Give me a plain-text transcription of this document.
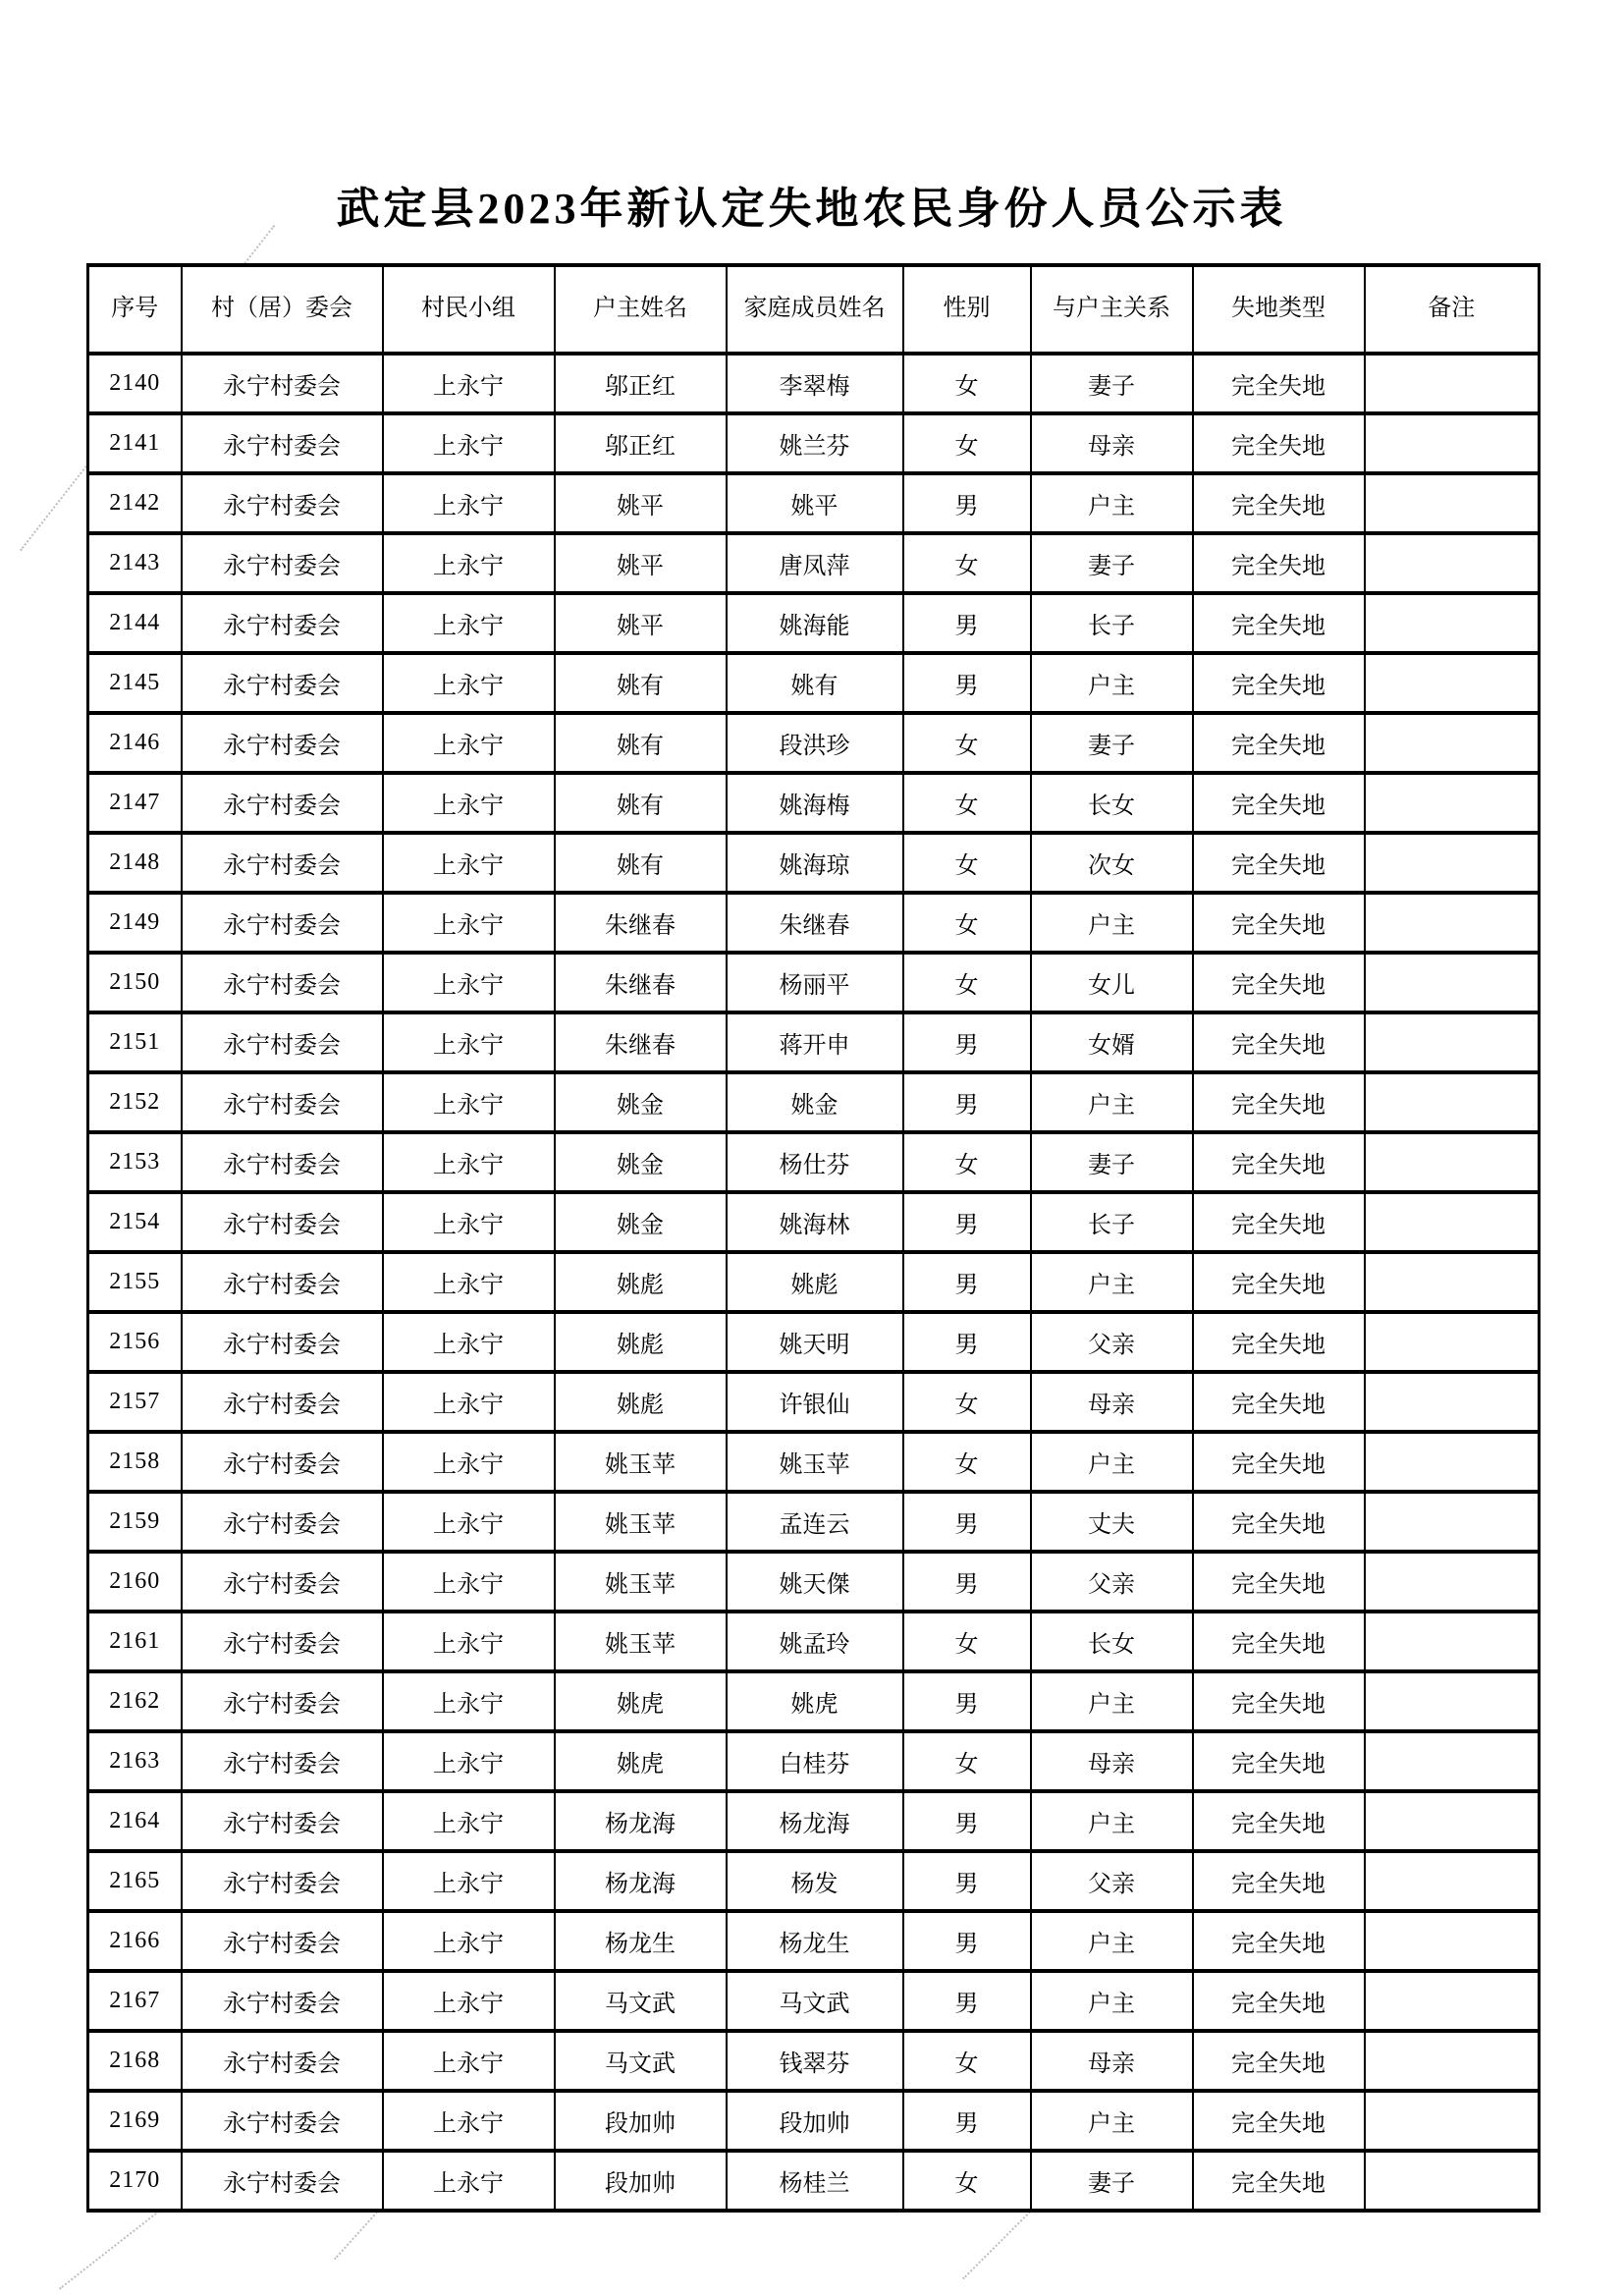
武定县2023年新认定失地农民身份人员公示表
序号	村（居）委会	村民小组	户主姓名	家庭成员姓名	性别	与户主关系	失地类型	备注
2140	永宁村委会	上永宁	邬正红	李翠梅	女	妻子	完全失地	
2141	永宁村委会	上永宁	邬正红	姚兰芬	女	母亲	完全失地	
2142	永宁村委会	上永宁	姚平	姚平	男	户主	完全失地	
2143	永宁村委会	上永宁	姚平	唐凤萍	女	妻子	完全失地	
2144	永宁村委会	上永宁	姚平	姚海能	男	长子	完全失地	
2145	永宁村委会	上永宁	姚有	姚有	男	户主	完全失地	
2146	永宁村委会	上永宁	姚有	段洪珍	女	妻子	完全失地	
2147	永宁村委会	上永宁	姚有	姚海梅	女	长女	完全失地	
2148	永宁村委会	上永宁	姚有	姚海琼	女	次女	完全失地	
2149	永宁村委会	上永宁	朱继春	朱继春	女	户主	完全失地	
2150	永宁村委会	上永宁	朱继春	杨丽平	女	女儿	完全失地	
2151	永宁村委会	上永宁	朱继春	蒋开申	男	女婿	完全失地	
2152	永宁村委会	上永宁	姚金	姚金	男	户主	完全失地	
2153	永宁村委会	上永宁	姚金	杨仕芬	女	妻子	完全失地	
2154	永宁村委会	上永宁	姚金	姚海林	男	长子	完全失地	
2155	永宁村委会	上永宁	姚彪	姚彪	男	户主	完全失地	
2156	永宁村委会	上永宁	姚彪	姚天明	男	父亲	完全失地	
2157	永宁村委会	上永宁	姚彪	许银仙	女	母亲	完全失地	
2158	永宁村委会	上永宁	姚玉苹	姚玉苹	女	户主	完全失地	
2159	永宁村委会	上永宁	姚玉苹	孟连云	男	丈夫	完全失地	
2160	永宁村委会	上永宁	姚玉苹	姚天傑	男	父亲	完全失地	
2161	永宁村委会	上永宁	姚玉苹	姚孟玲	女	长女	完全失地	
2162	永宁村委会	上永宁	姚虎	姚虎	男	户主	完全失地	
2163	永宁村委会	上永宁	姚虎	白桂芬	女	母亲	完全失地	
2164	永宁村委会	上永宁	杨龙海	杨龙海	男	户主	完全失地	
2165	永宁村委会	上永宁	杨龙海	杨发	男	父亲	完全失地	
2166	永宁村委会	上永宁	杨龙生	杨龙生	男	户主	完全失地	
2167	永宁村委会	上永宁	马文武	马文武	男	户主	完全失地	
2168	永宁村委会	上永宁	马文武	钱翠芬	女	母亲	完全失地	
2169	永宁村委会	上永宁	段加帅	段加帅	男	户主	完全失地	
2170	永宁村委会	上永宁	段加帅	杨桂兰	女	妻子	完全失地	
